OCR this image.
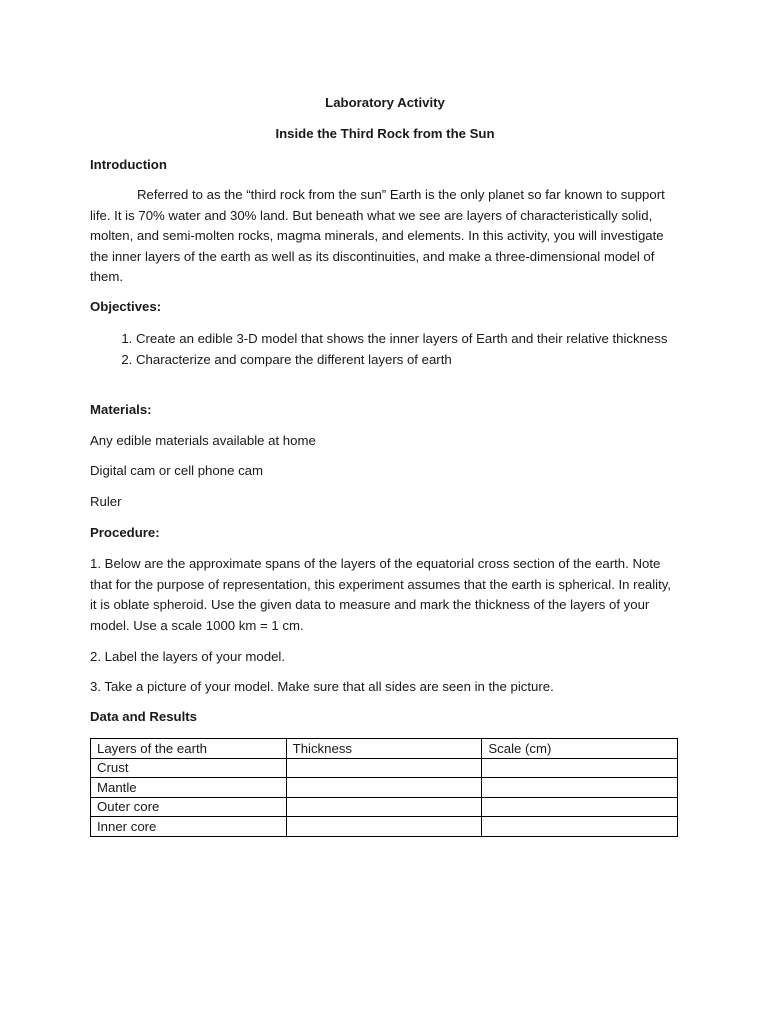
Laboratory Activity
Inside the Third Rock from the Sun
Introduction
Referred to as the “third rock from the sun” Earth is the only planet so far known to support life. It is 70% water and 30% land. But beneath what we see are layers of characteristically solid, molten, and semi-molten rocks, magma minerals, and elements. In this activity, you will investigate the inner layers of the earth as well as its discontinuities, and make a three-dimensional model of them.
Objectives:
1. Create an edible 3-D model that shows the inner layers of Earth and their relative thickness
2. Characterize and compare the different layers of earth
Materials:
Any edible materials available at home
Digital cam or cell phone cam
Ruler
Procedure:
1. Below are the approximate spans of the layers of the equatorial cross section of the earth. Note that for the purpose of representation, this experiment assumes that the earth is spherical. In reality, it is oblate spheroid. Use the given data to measure and mark the thickness of the layers of your model. Use a scale 1000 km = 1 cm.
2. Label the layers of your model.
3. Take a picture of your model. Make sure that all sides are seen in the picture.
Data and Results
Layers of the earth	Thickness	Scale (cm)
Crust		
Mantle		
Outer core		
Inner core		
